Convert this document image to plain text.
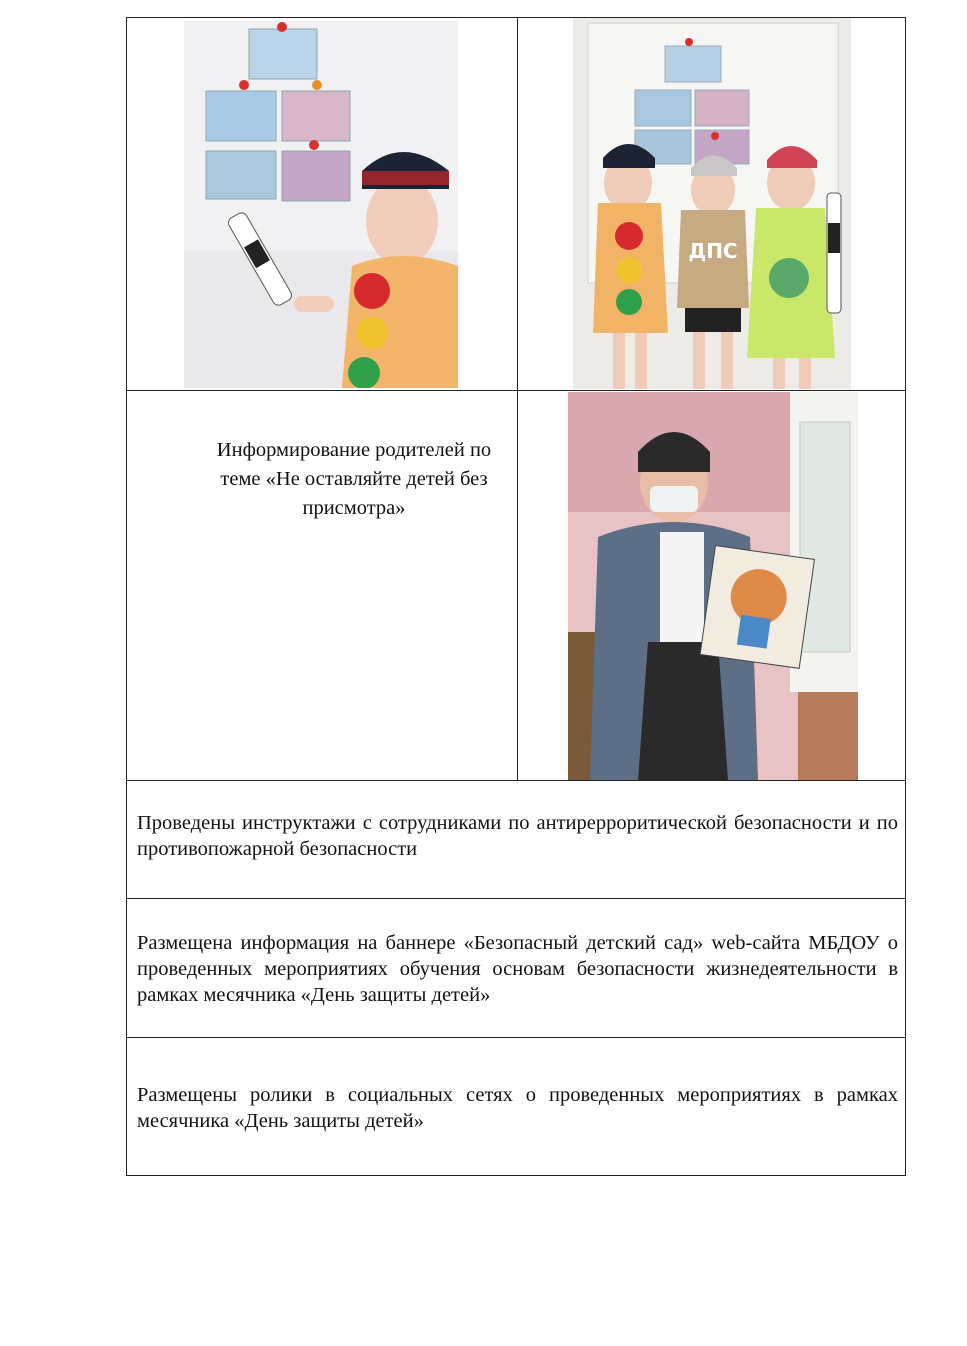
ДПС
Информирование родителей по теме «Не оставляйте детей без присмотра»
Проведены инструктажи с сотрудниками по антирерроритической безопасности и по противопожарной безопасности
Размещена информация на баннере «Безопасный детский сад» web-сайта МБДОУ о проведенных мероприятиях обучения основам безопасности жизнедеятельности в рамках месячника «День защиты детей»
Размещены ролики в социальных сетях о проведенных мероприятиях в рамках месячника «День защиты детей»
